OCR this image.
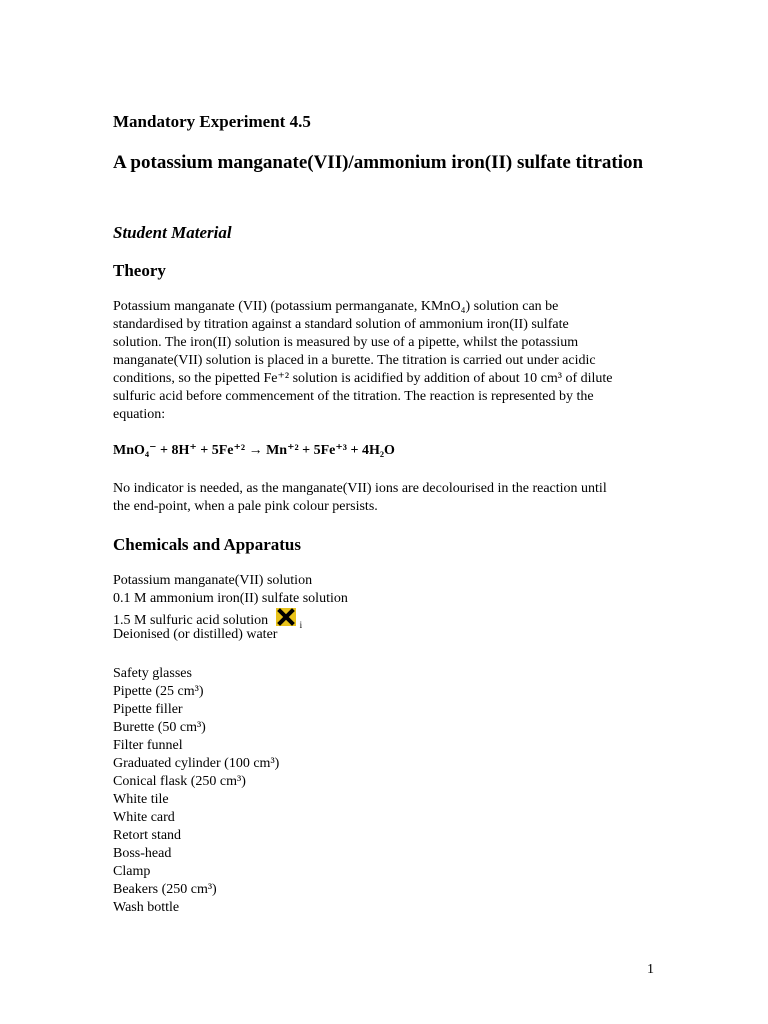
Mandatory Experiment 4.5
A potassium manganate(VII)/ammonium iron(II) sulfate titration
Student Material
Theory

Potassium manganate (VII) (potassium permanganate, KMnO₄) solution can be

standardised by titration against a standard solution of ammonium iron(II) sulfate

solution. The iron(II) solution is measured by use of a pipette, whilst the potassium

manganate(VII) solution is placed in a burette. The titration is carried out under acidic

conditions, so the pipetted Fe⁺² solution is acidified by addition of about 10 cm³ of dilute

sulfuric acid before commencement of the titration. The reaction is represented by the

equation:

MnO₄⁻ + 8H⁺ + 5Fe⁺² → Mn⁺² + 5Fe⁺³ + 4H₂O

No indicator is needed, as the manganate(VII) ions are decolourised in the reaction until

the end-point, when a pale pink colour persists.

Chemicals and Apparatus
Potassium manganate(VII) solution
0.1 M ammonium iron(II) sulfate solution
1.5 M sulfuric acid solution	$_i$
Deionised (or distilled) water
Safety glasses
Pipette (25 cm³)
Pipette filler
Burette (50 cm³)
Filter funnel
Graduated cylinder (100 cm³)
Conical flask (250 cm³)
White tile
White card
Retort stand
Boss-head
Clamp
Beakers (250 cm³)
Wash bottle
1
